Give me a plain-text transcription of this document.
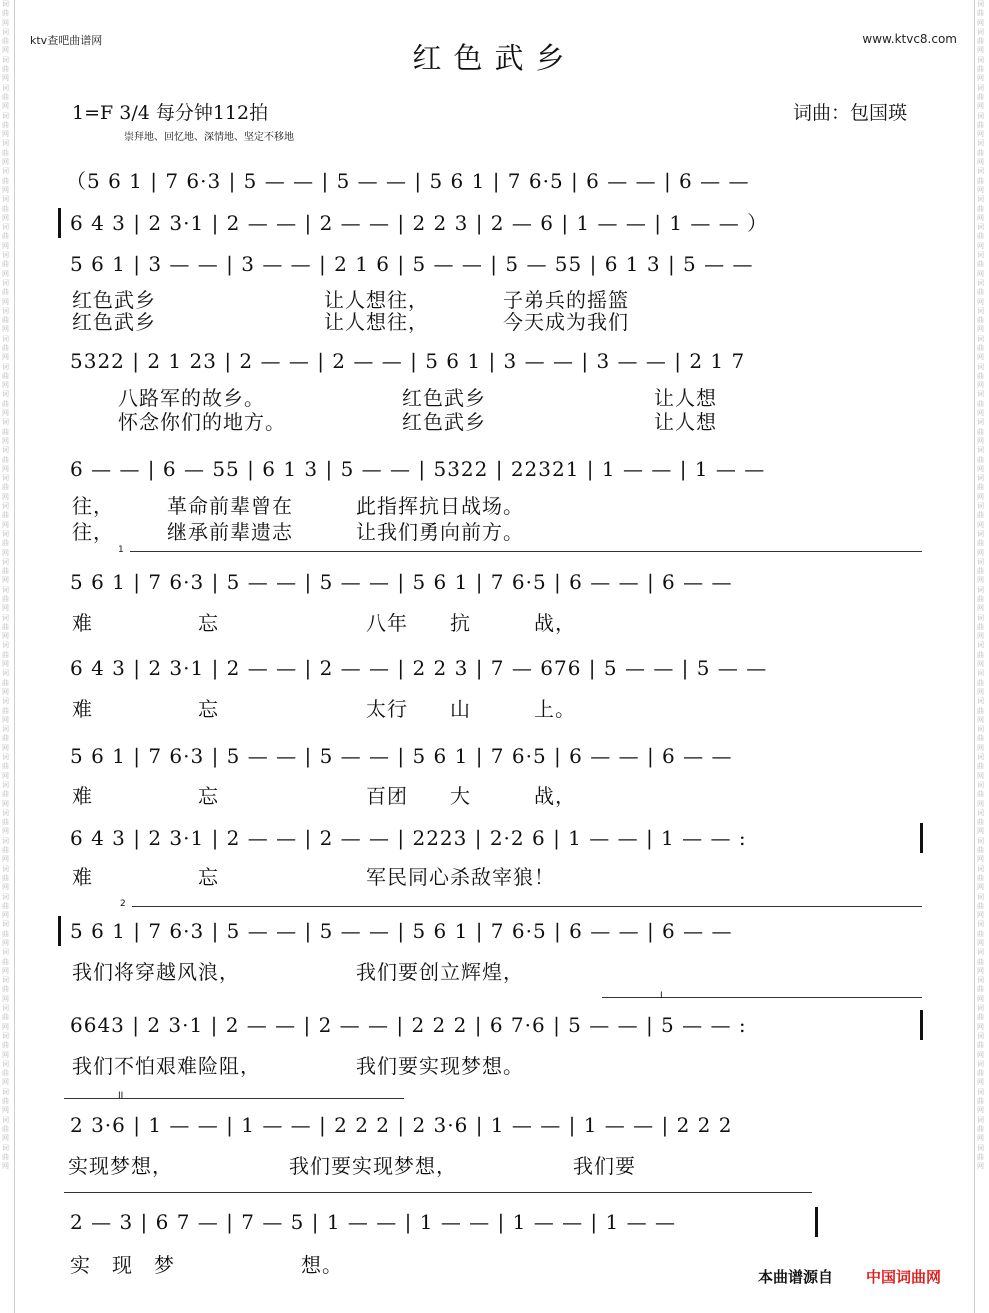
词曲网词曲网词曲网词曲网词曲网词曲网词曲网词曲网词曲网词曲网词曲网词曲网词曲网词曲网词曲网词曲网词曲网词曲网词曲网词曲网词曲网词曲网词曲网词曲网词曲网词曲网词曲网词曲网词曲网词曲网词曲网词曲网词曲网词曲网词曲网词曲网词曲网词曲网词曲网词曲网词曲网词曲网
词曲网词曲网词曲网词曲网词曲网词曲网词曲网词曲网词曲网词曲网词曲网词曲网词曲网词曲网词曲网词曲网词曲网词曲网词曲网词曲网词曲网词曲网词曲网词曲网词曲网词曲网词曲网词曲网词曲网词曲网词曲网词曲网词曲网词曲网词曲网词曲网词曲网词曲网词曲网词曲网词曲网词曲网
ktv查吧曲谱网	www.ktvc8.com
红色武乡
1=F 3/4 每分钟112拍	词曲：包国瑛
崇拜地、回忆地、深情地、坚定不移地
（5 6 1 | 7 6·3 | 5 — — | 5 — — | 5 6 1 | 7 6·5 | 6 — — | 6 — —
6 4 3 | 2 3·1 | 2 — — | 2 — — | 2 2 3 | 2 — 6 | 1 — — | 1 — — ）
5 6 1 | 3 — — | 3 — — | 2 1 6 | 5 — — | 5 — 55 | 6 1 3 | 5 — —
红色武乡　　　　　　　　让人想往，　　　　子弟兵的摇篮
红色武乡　　　　　　　　让人想往，　　　　今天成为我们
5322 | 2 1 23 | 2 — — | 2 — — | 5 6 1 | 3 — — | 3 — — | 2 1 7
八路军的故乡。　　　　　　　红色武乡　　　　　　　　让人想
怀念你们的地方。　　　　　　红色武乡　　　　　　　　让人想
6 — — | 6 — 55 | 6 1 3 | 5 — — | 5322 | 22321 | 1 — — | 1 — —
往，　　　革命前辈曾在　　　此指挥抗日战场。
往，　　　继承前辈遗志　　　让我们勇向前方。
1
5 6 1 | 7 6·3 | 5 — — | 5 — — | 5 6 1 | 7 6·5 | 6 — — | 6 — —
难　　　　　忘　　　　　　　八年　　抗　　　战，
6 4 3 | 2 3·1 | 2 — — | 2 — — | 2 2 3 | 7 — 676 | 5 — — | 5 — —
难　　　　　忘　　　　　　　太行　　山　　　上。
5 6 1 | 7 6·3 | 5 — — | 5 — — | 5 6 1 | 7 6·5 | 6 — — | 6 — —
难　　　　　忘　　　　　　　百团　　大　　　战，
6 4 3 | 2 3·1 | 2 — — | 2 — — | 2223 | 2·2 6 | 1 — — | 1 — — :
难　　　　　忘　　　　　　　军民同心杀敌宰狼！
2
5 6 1 | 7 6·3 | 5 — — | 5 — — | 5 6 1 | 7 6·5 | 6 — — | 6 — —
我们将穿越风浪，　　　　　　我们要创立辉煌，
I
6643 | 2 3·1 | 2 — — | 2 — — | 2 2 2 | 6 7·6 | 5 — — | 5 — — :
我们不怕艰难险阻，　　　　　我们要实现梦想。
II
2 3·6 | 1 — — | 1 — — | 2 2 2 | 2 3·6 | 1 — — | 1 — — | 2 2 2
实现梦想，　　　　　　我们要实现梦想，　　　　　　我们要
2 — 3 | 6 7 — | 7 — 5 | 1 — — | 1 — — | 1 — — | 1 — —
实　现　梦　　　　　　想。	本曲谱源自 中国词曲网
